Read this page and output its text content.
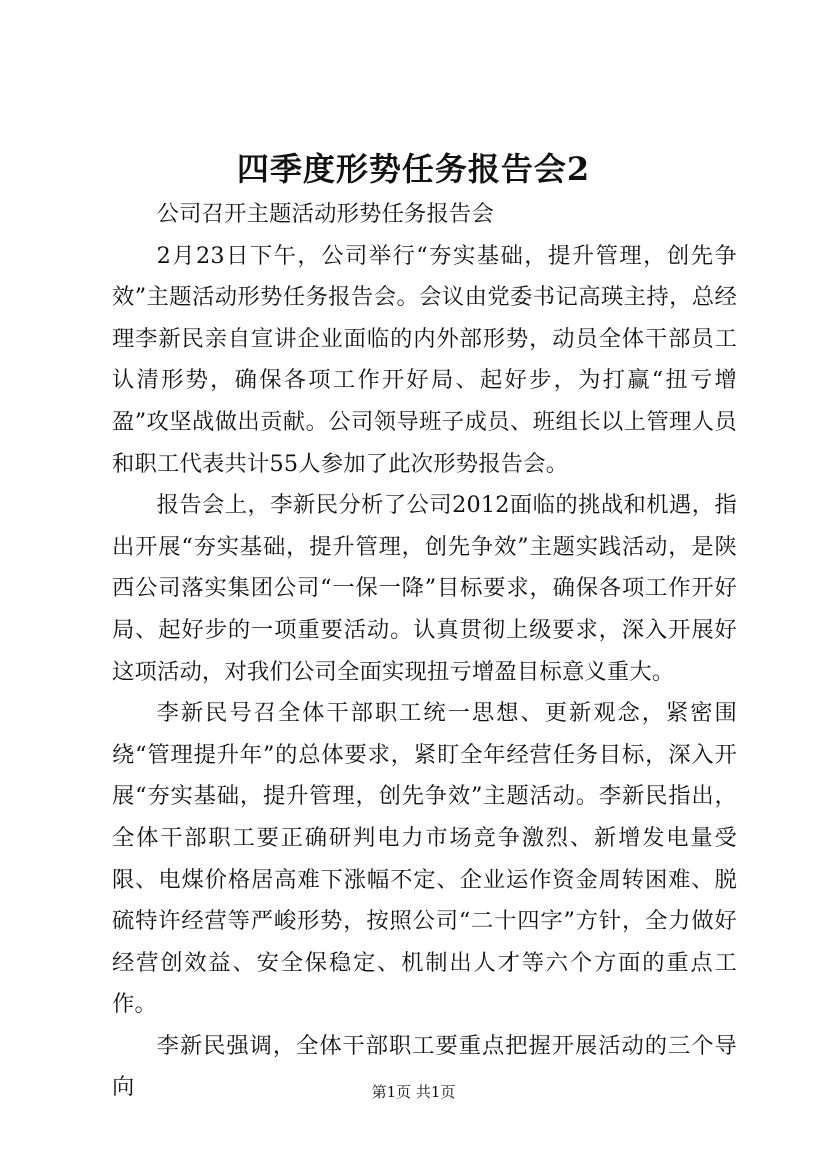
四季度形势任务报告会2

公司召开主题活动形势任务报告会

2月23日下午，公司举行“夯实基础，提升管理，创先争效”主题活动形势任务报告会。会议由党委书记高瑛主持，总经理李新民亲自宣讲企业面临的内外部形势，动员全体干部员工认清形势，确保各项工作开好局、起好步，为打赢“扭亏增盈”攻坚战做出贡献。公司领导班子成员、班组长以上管理人员和职工代表共计55人参加了此次形势报告会。

报告会上，李新民分析了公司2012面临的挑战和机遇，指出开展“夯实基础，提升管理，创先争效”主题实践活动，是陕西公司落实集团公司“一保一降”目标要求，确保各项工作开好局、起好步的一项重要活动。认真贯彻上级要求，深入开展好这项活动，对我们公司全面实现扭亏增盈目标意义重大。

李新民号召全体干部职工统一思想、更新观念，紧密围绕“管理提升年”的总体要求，紧盯全年经营任务目标，深入开展“夯实基础，提升管理，创先争效”主题活动。李新民指出，全体干部职工要正确研判电力市场竞争激烈、新增发电量受限、电煤价格居高难下涨幅不定、企业运作资金周转困难、脱硫特许经营等严峻形势，按照公司“二十四字”方针，全力做好经营创效益、安全保稳定、机制出人才等六个方面的重点工作。

李新民强调，全体干部职工要重点把握开展活动的三个导向	第1页 共1页
